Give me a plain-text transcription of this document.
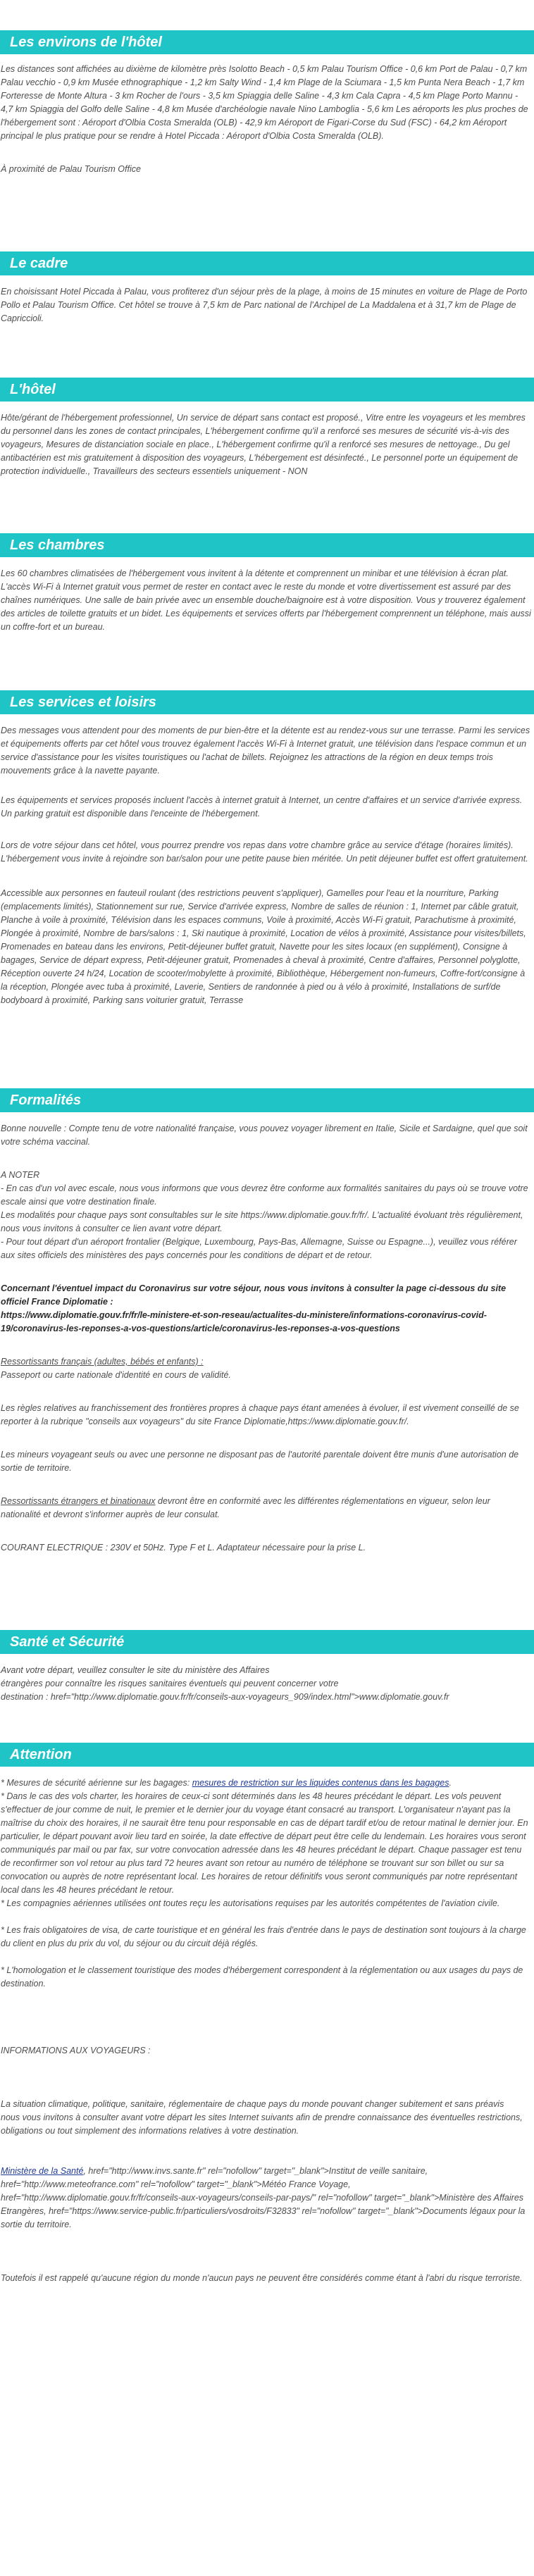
Les environs de l'hôtel

Les distances sont affichées au dixième de kilomètre près Isolotto Beach - 0,5 km Palau Tourism Office - 0,6 km Port de Palau - 0,7 km Palau vecchio - 0,9 km Musée ethnographique - 1,2 km Salty Wind - 1,4 km Plage de la Sciumara - 1,5 km Punta Nera Beach - 1,7 km Forteresse de Monte Altura - 3 km Rocher de l'ours - 3,5 km Spiaggia delle Saline - 4,3 km Cala Capra - 4,5 km Plage Porto Mannu - 4,7 km Spiaggia del Golfo delle Saline - 4,8 km Musée d'archéologie navale Nino Lamboglia - 5,6 km Les aéroports les plus proches de l'hébergement sont : Aéroport d'Olbia Costa Smeralda (OLB) - 42,9 km Aéroport de Figari-Corse du Sud (FSC) - 64,2 km Aéroport principal le plus pratique pour se rendre à Hotel Piccada : Aéroport d'Olbia Costa Smeralda (OLB).

À proximité de Palau Tourism Office

Le cadre

En choisissant Hotel Piccada à Palau, vous profiterez d'un séjour près de la plage, à moins de 15 minutes en voiture de Plage de Porto Pollo et Palau Tourism Office. Cet hôtel se trouve à 7,5 km de Parc national de l'Archipel de La Maddalena et à 31,7 km de Plage de Capriccioli.

L'hôtel

Hôte/gérant de l'hébergement professionnel, Un service de départ sans contact est proposé., Vitre entre les voyageurs et les membres du personnel dans les zones de contact principales, L'hébergement confirme qu'il a renforcé ses mesures de sécurité vis-à-vis des voyageurs, Mesures de distanciation sociale en place., L'hébergement confirme qu'il a renforcé ses mesures de nettoyage., Du gel antibactérien est mis gratuitement à disposition des voyageurs, L'hébergement est désinfecté., Le personnel porte un équipement de protection individuelle., Travailleurs des secteurs essentiels uniquement - NON

Les chambres

Les 60 chambres climatisées de l'hébergement vous invitent à la détente et comprennent un minibar et une télévision à écran plat. L'accès Wi-Fi à Internet gratuit vous permet de rester en contact avec le reste du monde et votre divertissement est assuré par des chaînes numériques. Une salle de bain privée avec un ensemble douche/baignoire est à votre disposition. Vous y trouverez également des articles de toilette gratuits et un bidet. Les équipements et services offerts par l'hébergement comprennent un téléphone, mais aussi un coffre-fort et un bureau.

Les services et loisirs

Des messages vous attendent pour des moments de pur bien-être et la détente est au rendez-vous sur une terrasse. Parmi les services et équipements offerts par cet hôtel vous trouvez également l'accès Wi-Fi à Internet gratuit, une télévision dans l'espace commun et un service d'assistance pour les visites touristiques ou l'achat de billets. Rejoignez les attractions de la région en deux temps trois mouvements grâce à la navette payante.

Les équipements et services proposés incluent l'accès à internet gratuit à Internet, un centre d'affaires et un service d'arrivée express. Un parking gratuit est disponible dans l'enceinte de l'hébergement.

Lors de votre séjour dans cet hôtel, vous pourrez prendre vos repas dans votre chambre grâce au service d'étage (horaires limités). L'hébergement vous invite à rejoindre son bar/salon pour une petite pause bien méritée. Un petit déjeuner buffet est offert gratuitement.

Accessible aux personnes en fauteuil roulant (des restrictions peuvent s'appliquer), Gamelles pour l'eau et la nourriture, Parking (emplacements limités), Stationnement sur rue, Service d'arrivée express, Nombre de salles de réunion : 1, Internet par câble gratuit, Planche à voile à proximité, Télévision dans les espaces communs, Voile à proximité, Accès Wi-Fi gratuit, Parachutisme à proximité, Plongée à proximité, Nombre de bars/salons : 1, Ski nautique à proximité, Location de vélos à proximité, Assistance pour visites/billets, Promenades en bateau dans les environs, Petit-déjeuner buffet gratuit, Navette pour les sites locaux (en supplément), Consigne à bagages, Service de départ express, Petit-déjeuner gratuit, Promenades à cheval à proximité, Centre d'affaires, Personnel polyglotte, Réception ouverte 24 h/24, Location de scooter/mobylette à proximité, Bibliothèque, Hébergement non-fumeurs, Coffre-fort/consigne à la réception, Plongée avec tuba à proximité, Laverie, Sentiers de randonnée à pied ou à vélo à proximité, Installations de surf/de bodyboard à proximité, Parking sans voiturier gratuit, Terrasse

Formalités

Bonne nouvelle : Compte tenu de votre nationalité française, vous pouvez voyager librement en Italie, Sicile et Sardaigne, quel que soit votre schéma vaccinal.

A NOTER

- En cas d'un vol avec escale, nous vous informons que vous devrez être conforme aux formalités sanitaires du pays où se trouve votre escale ainsi que votre destination finale.

Les modalités pour chaque pays sont consultables sur le site https://www.diplomatie.gouv.fr/fr/. L'actualité évoluant très régulièrement, nous vous invitons à consulter ce lien avant votre départ.

- Pour tout départ d'un aéroport frontalier (Belgique, Luxembourg, Pays-Bas, Allemagne, Suisse ou Espagne...), veuillez vous référer aux sites officiels des ministères des pays concernés pour les conditions de départ et de retour.

Concernant l'éventuel impact du Coronavirus sur votre séjour, nous vous invitons à consulter la page ci-dessous du site officiel France Diplomatie :
https://www.diplomatie.gouv.fr/fr/le-ministere-et-son-reseau/actualites-du-ministere/informations-coronavirus-covid-19/coronavirus-les-reponses-a-vos-questions/article/coronavirus-les-reponses-a-vos-questions

Ressortissants français (adultes, bébés et enfants) :
Passeport ou carte nationale d'identité en cours de validité.

Les règles relatives au franchissement des frontières propres à chaque pays étant amenées à évoluer, il est vivement conseillé de se reporter à la rubrique "conseils aux voyageurs" du site France Diplomatie,https://www.diplomatie.gouv.fr/.

Les mineurs voyageant seuls ou avec une personne ne disposant pas de l'autorité parentale doivent être munis d'une autorisation de sortie de territoire.

Ressortissants étrangers et binationaux devront être en conformité avec les différentes réglementations en vigueur, selon leur nationalité et devront s'informer auprès de leur consulat.

COURANT ELECTRIQUE : 230V et 50Hz. Type F et L. Adaptateur nécessaire pour la prise L.

Santé et Sécurité

Avant votre départ, veuillez consulter le site du ministère des Affaires

étrangères pour connaître les risques sanitaires éventuels qui peuvent concerner votre

destination : href="http://www.diplomatie.gouv.fr/fr/conseils-aux-voyageurs_909/index.html">www.diplomatie.gouv.fr

Attention

* Mesures de sécurité aérienne sur les bagages: mesures de restriction sur les liquides contenus dans les bagages.

* Dans le cas des vols charter, les horaires de ceux-ci sont déterminés dans les 48 heures précédant le départ. Les vols peuvent s'effectuer de jour comme de nuit, le premier et le dernier jour du voyage étant consacré au transport. L'organisateur n'ayant pas la maîtrise du choix des horaires, il ne saurait être tenu pour responsable en cas de départ tardif et/ou de retour matinal le dernier jour. En particulier, le départ pouvant avoir lieu tard en soirée, la date effective de départ peut être celle du lendemain. Les horaires vous seront communiqués par mail ou par fax, sur votre convocation adressée dans les 48 heures précédant le départ. Chaque passager est tenu de reconfirmer son vol retour au plus tard 72 heures avant son retour au numéro de téléphone se trouvant sur son billet ou sur sa convocation ou auprès de notre représentant local. Les horaires de retour définitifs vous seront communiqués par notre représentant local dans les 48 heures précédant le retour.

* Les compagnies aériennes utilisées ont toutes reçu les autorisations requises par les autorités compétentes de l'aviation civile.

* Les frais obligatoires de visa, de carte touristique et en général les frais d'entrée dans le pays de destination sont toujours à la charge du client en plus du prix du vol, du séjour ou du circuit déjà réglés.

* L'homologation et le classement touristique des modes d'hébergement correspondent à la réglementation ou aux usages du pays de destination.

INFORMATIONS AUX VOYAGEURS :

La situation climatique, politique, sanitaire, réglementaire de chaque pays du monde pouvant changer subitement et sans préavis

nous vous invitons à consulter avant votre départ les sites Internet suivants afin de prendre connaissance des éventuelles restrictions, obligations ou tout simplement des informations relatives à votre destination.

Ministère de la Santé, href="http://www.invs.sante.fr" rel="nofollow" target="_blank">Institut de veille sanitaire, href="http://www.meteofrance.com" rel="nofollow" target="_blank">Météo France Voyage, href="http://www.diplomatie.gouv.fr/fr/conseils-aux-voyageurs/conseils-par-pays/" rel="nofollow" target="_blank">Ministère des Affaires Etrangères, href="https://www.service-public.fr/particuliers/vosdroits/F32833" rel="nofollow" target="_blank">Documents légaux pour la sortie du territoire.

Toutefois il est rappelé qu'aucune région du monde n'aucun pays ne peuvent être considérés comme étant à l'abri du risque terroriste.
